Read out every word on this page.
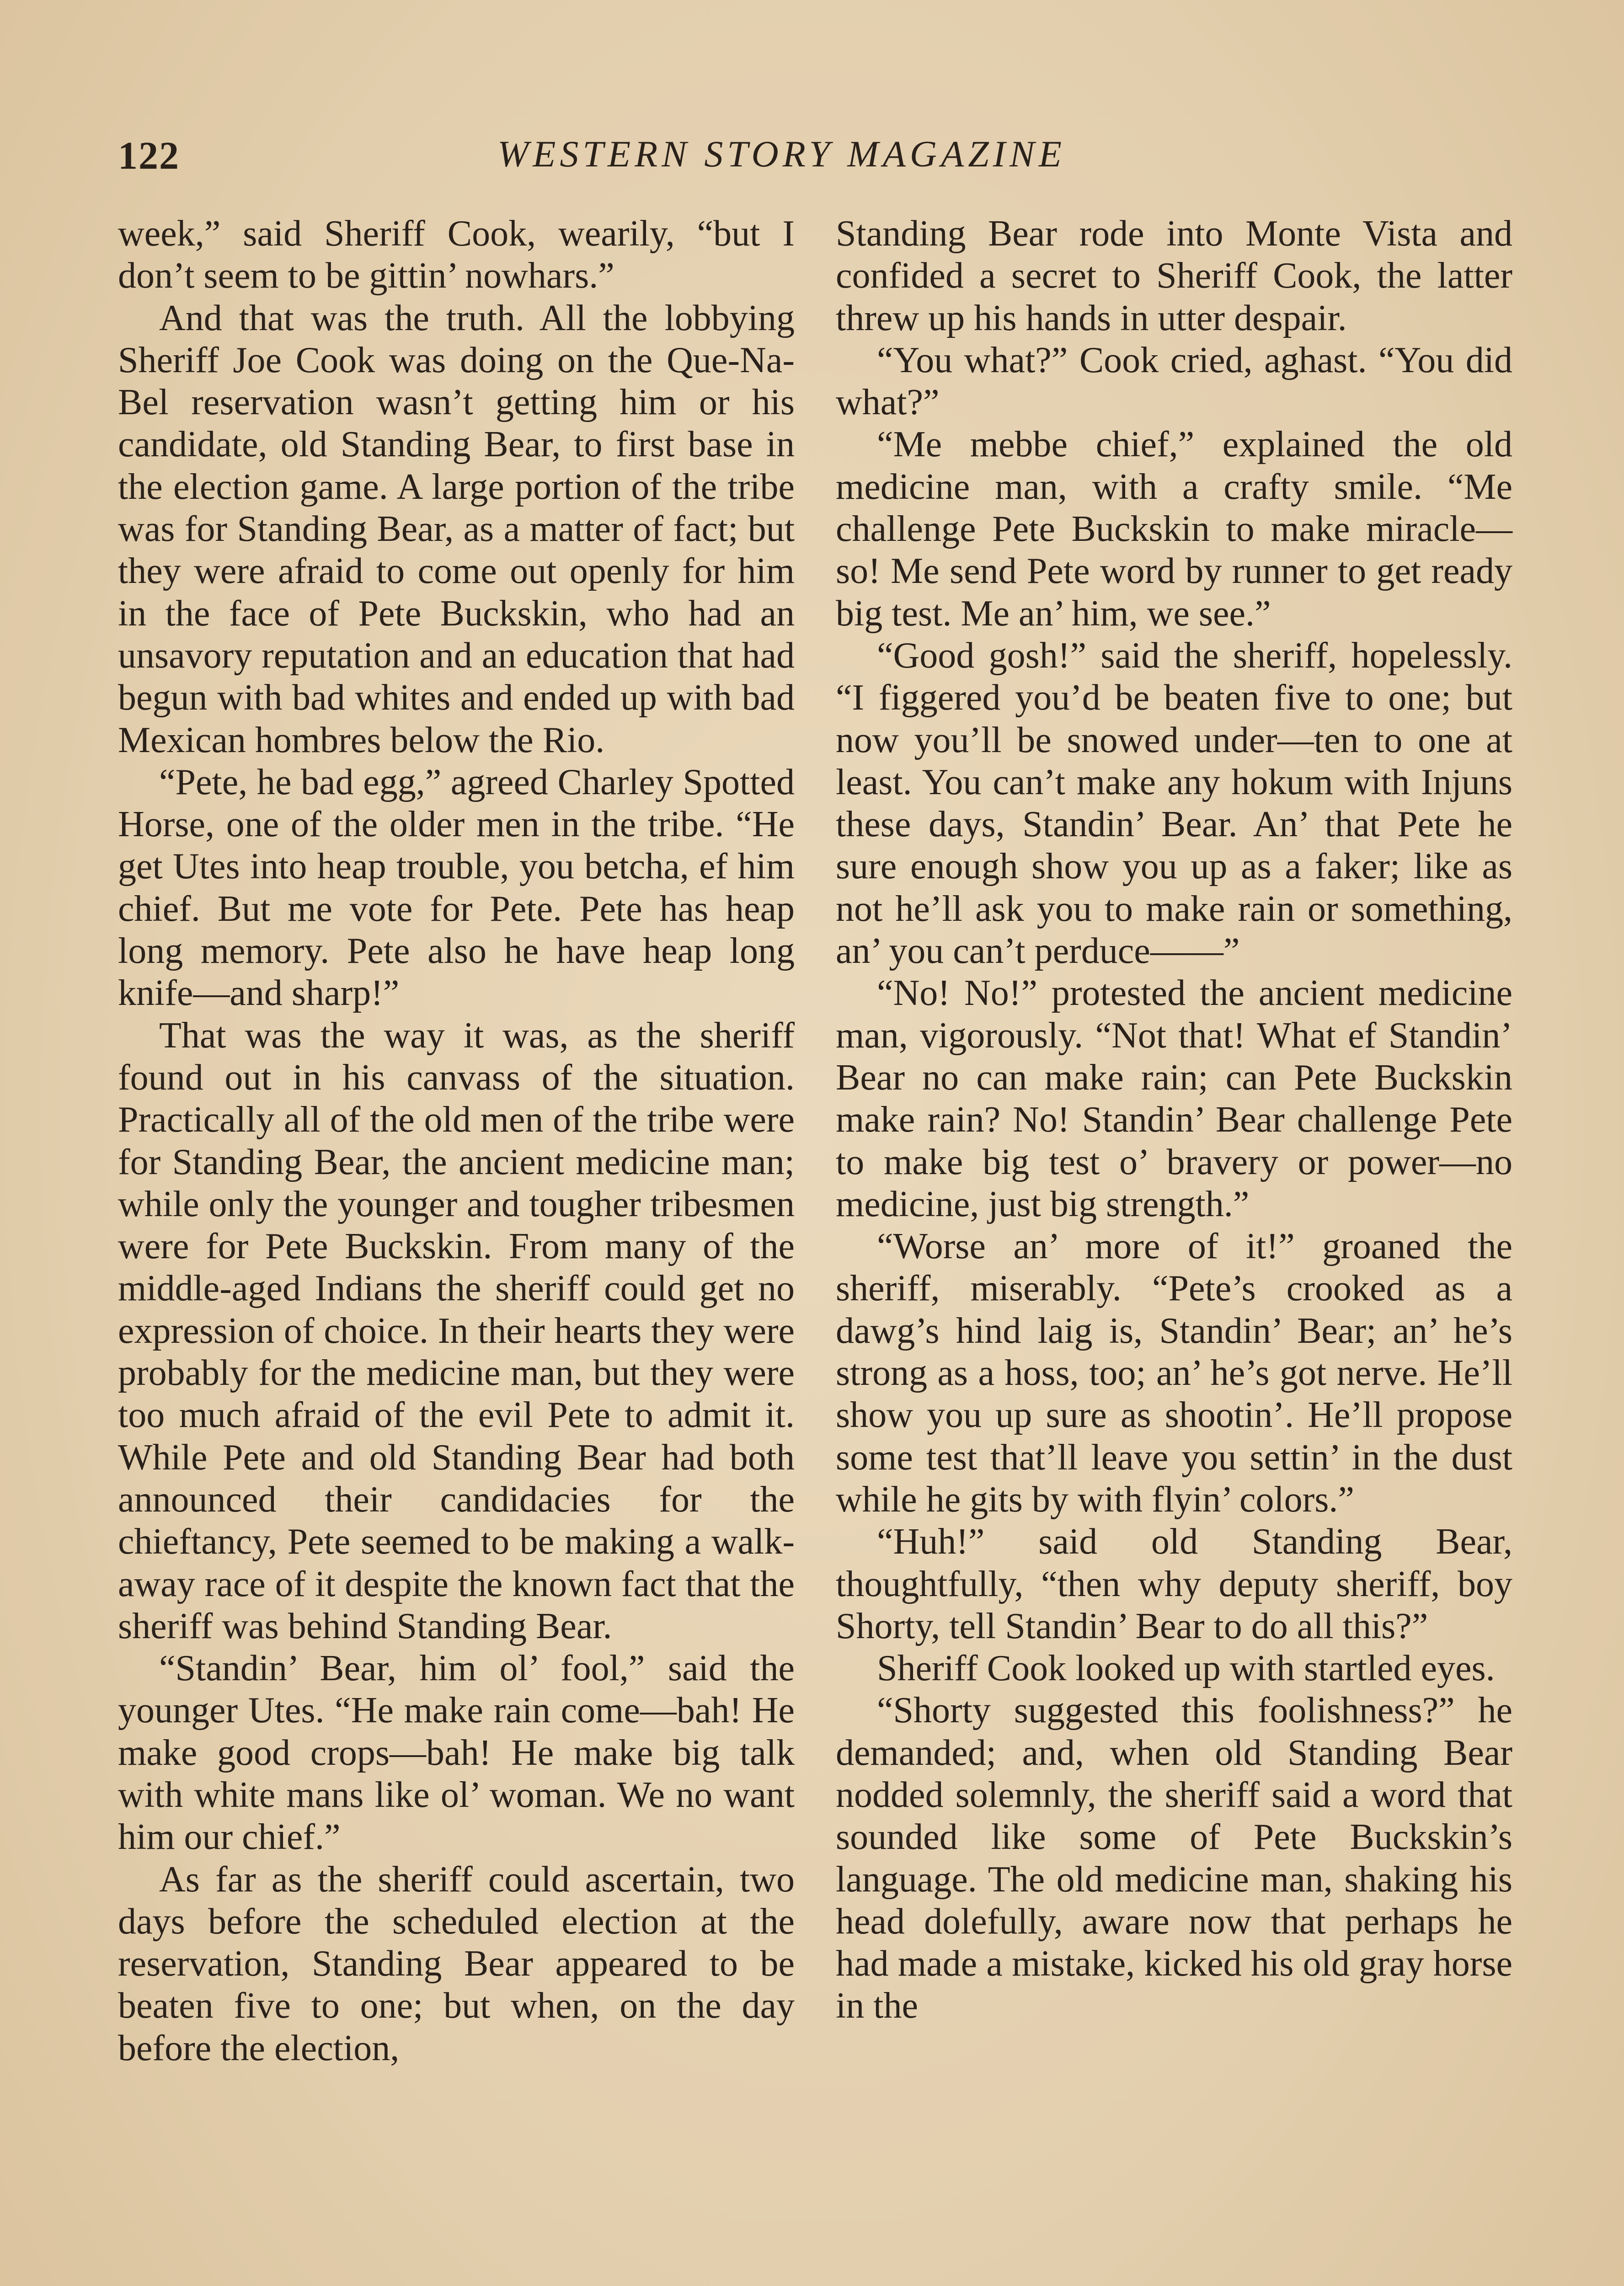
122	WESTERN STORY MAGAZINE

week,” said Sheriff Cook, wearily, “but I don’t seem to be gittin’ nowhars.”

And that was the truth. All the lobbying Sheriff Joe Cook was doing on the Que-Na-Bel reservation wasn’t getting him or his candidate, old Standing Bear, to first base in the election game. A large portion of the tribe was for Standing Bear, as a matter of fact; but they were afraid to come out openly for him in the face of Pete Buckskin, who had an unsavory reputation and an education that had begun with bad whites and ended up with bad Mexican hombres below the Rio.

“Pete, he bad egg,” agreed Charley Spotted Horse, one of the older men in the tribe. “He get Utes into heap trouble, you betcha, ef him chief. But me vote for Pete. Pete has heap long memory. Pete also he have heap long knife—and sharp!”

That was the way it was, as the sheriff found out in his canvass of the situation. Practically all of the old men of the tribe were for Standing Bear, the ancient medicine man; while only the younger and tougher tribesmen were for Pete Buckskin. From many of the middle-aged Indians the sheriff could get no expression of choice. In their hearts they were probably for the medicine man, but they were too much afraid of the evil Pete to admit it. While Pete and old Standing Bear had both announced their candidacies for the chieftancy, Pete seemed to be making a walk-away race of it despite the known fact that the sheriff was behind Standing Bear.

“Standin’ Bear, him ol’ fool,” said the younger Utes. “He make rain come—bah! He make good crops—bah! He make big talk with white mans like ol’ woman. We no want him our chief.”

As far as the sheriff could ascertain, two days before the scheduled election at the reservation, Standing Bear appeared to be beaten five to one; but when, on the day before the election,

Standing Bear rode into Monte Vista and confided a secret to Sheriff Cook, the latter threw up his hands in utter despair.

“You what?” Cook cried, aghast. “You did what?”

“Me mebbe chief,” explained the old medicine man, with a crafty smile. “Me challenge Pete Buckskin to make miracle—so! Me send Pete word by runner to get ready big test. Me an’ him, we see.”

“Good gosh!” said the sheriff, hopelessly. “I figgered you’d be beaten five to one; but now you’ll be snowed under—ten to one at least. You can’t make any hokum with Injuns these days, Standin’ Bear. An’ that Pete he sure enough show you up as a faker; like as not he’ll ask you to make rain or something, an’ you can’t perduce——”

“No! No!” protested the ancient medicine man, vigorously. “Not that! What ef Standin’ Bear no can make rain; can Pete Buckskin make rain? No! Standin’ Bear challenge Pete to make big test o’ bravery or power—no medicine, just big strength.”

“Worse an’ more of it!” groaned the sheriff, miserably. “Pete’s crooked as a dawg’s hind laig is, Standin’ Bear; an’ he’s strong as a hoss, too; an’ he’s got nerve. He’ll show you up sure as shootin’. He’ll propose some test that’ll leave you settin’ in the dust while he gits by with flyin’ colors.”

“Huh!” said old Standing Bear, thoughtfully, “then why deputy sheriff, boy Shorty, tell Standin’ Bear to do all this?”

Sheriff Cook looked up with startled eyes.

“Shorty suggested this foolishness?” he demanded; and, when old Standing Bear nodded solemnly, the sheriff said a word that sounded like some of Pete Buckskin’s language. The old medicine man, shaking his head dolefully, aware now that perhaps he had made a mistake, kicked his old gray horse in the
